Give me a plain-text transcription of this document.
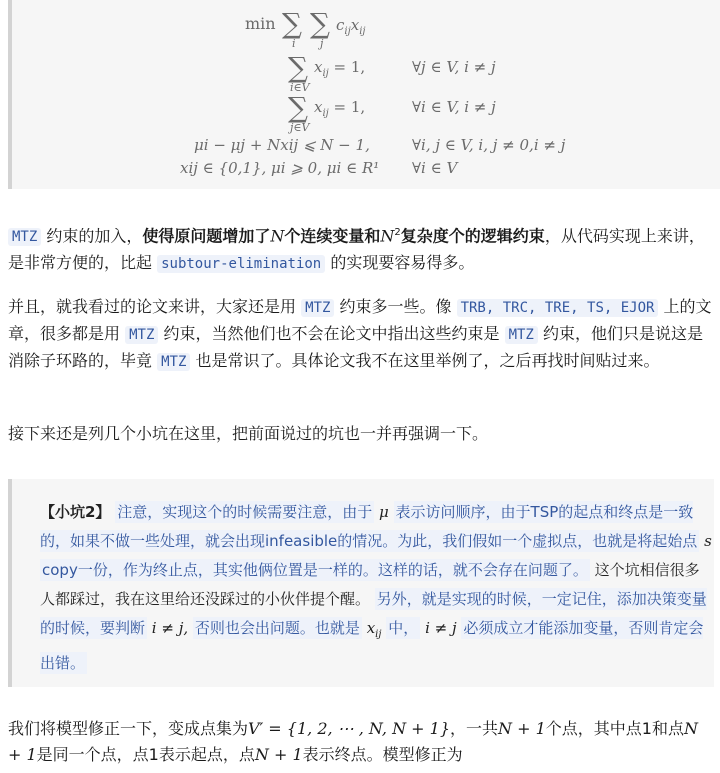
min ∑
i
∑
j
$c_{ij}x_{ij}$
∑
i∈V
$x_{ij} = 1$,	∀j ∈ V, i ≠ j
∑
j∈V
$x_{ij} = 1$,	∀i ∈ V, i ≠ j
μi − μj + Nxij ⩽ N − 1,	∀i, j ∈ V, i, j ≠ 0,i ≠ j
xij ∈ {0,1}, μi ⩾ 0, μi ∈ R¹ ∀i ∈ V
MTZ 约束的加入，使得原问题增加了N个连续变量和$N^2$复杂度个的逻辑约束，从代码实现上来讲，是非常方便的，比起 subtour-elimination 的实现要容易得多。
并且，就我看过的论文来讲，大家还是用 MTZ 约束多一些。像 TRB, TRC, TRE, TS, EJOR 上的文章，很多都是用 MTZ 约束，当然他们也不会在论文中指出这些约束是 MTZ 约束，他们只是说这是消除子环路的，毕竟 MTZ 也是常识了。具体论文我不在这里举例了，之后再找时间贴过来。
接下来还是列几个小坑在这里，把前面说过的坑也一并再强调一下。
【小坑2】 注意，实现这个的时候需要注意，由于 μ 表示访问顺序，由于TSP的起点和终点是一致的，如果不做一些处理，就会出现infeasible的情况。为此，我们假如一个虚拟点，也就是将起始点 s copy一份，作为终止点，其实他俩位置是一样的。这样的话，就不会存在问题了。 这个坑相信很多人都踩过，我在这里给还没踩过的小伙伴提个醒。 另外，就是实现的时候，一定记住，添加决策变量的时候，要判断 i ≠ j, 否则也会出问题。也就是 $x_{ij}$ 中， i ≠ j 必须成立才能添加变量，否则肯定会出错。
我们将模型修正一下，变成点集为V′ = {1, 2, ⋯ , N, N + 1}，一共N + 1个点，其中点1和点N + 1是同一个点，点1表示起点，点N + 1表示终点。模型修正为
